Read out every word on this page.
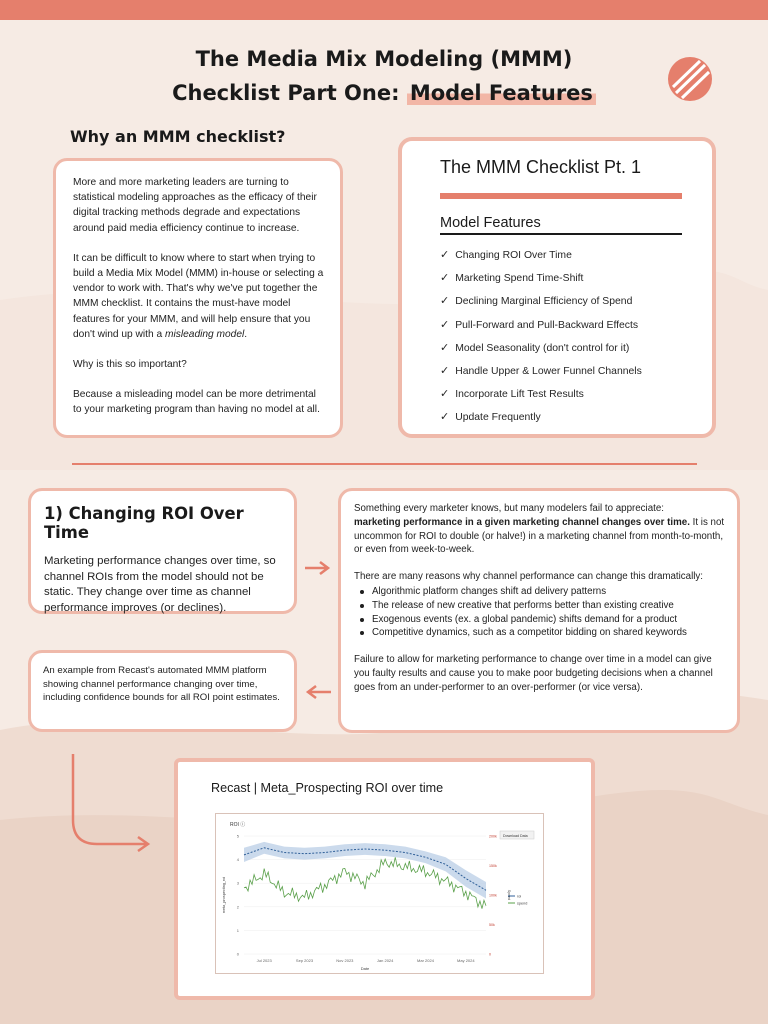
The Media Mix Modeling (MMM)
Checklist Part One: Model Features
Why an MMM checklist?

More and more marketing leaders are turning to statistical modeling approaches as the efficacy of their digital tracking methods degrade and expectations around paid media efficiency continue to increase.

It can be difficult to know where to start when trying to build a Media Mix Model (MMM) in-house or selecting a vendor to work with. That's why we've put together the MMM checklist. It contains the must-have model features for your MMM, and will help ensure that you don't wind up with a misleading model.

Why is this so important?

Because a misleading model can be more detrimental to your marketing program than having no model at all.

The MMM Checklist Pt. 1
Model Features
✓ Changing ROI Over Time
✓ Marketing Spend Time-Shift
✓ Declining Marginal Efficiency of Spend
✓ Pull-Forward and Pull-Backward Effects
✓ Model Seasonality (don't control for it)
✓ Handle Upper & Lower Funnel Channels
✓ Incorporate Lift Test Results
✓ Update Frequently
1) Changing ROI Over Time
Marketing performance changes over time, so channel ROIs from the model should not be static. They change over time as channel performance improves (or declines).

Something every marketer knows, but many modelers fail to appreciate:
marketing performance in a given marketing channel changes over time. It is not uncommon for ROI to double (or halve!) in a marketing channel from month-to-month, or even from week-to-week.

There are many reasons why channel performance can change this dramatically:

Algorithmic platform changes shift ad delivery patterns
The release of new creative that performs better than existing creative
Exogenous events (ex. a global pandemic) shifts demand for a product
Competitive dynamics, such as a competitor bidding on shared keywords

Failure to allow for marketing performance to change over time in a model can give you faulty results and cause you to make poor budgeting decisions when a channel goes from an under-performer to an over-performer (or vice versa).

An example from Recast's automated MMM platform showing channel performance changing over time, including confidence bounds for all ROI point estimates.

Recast | Meta_Prospecting ROI over time
ROI ⓘ
Download Data
5
4
3
2
1
0
200k
150k
100k
50k
0
Jul 2023	Sep 2023	Nov 2023	Jan 2024	Mar 2024	May 2024
Date
meta_prospecting_roi	Spend roi
spend
